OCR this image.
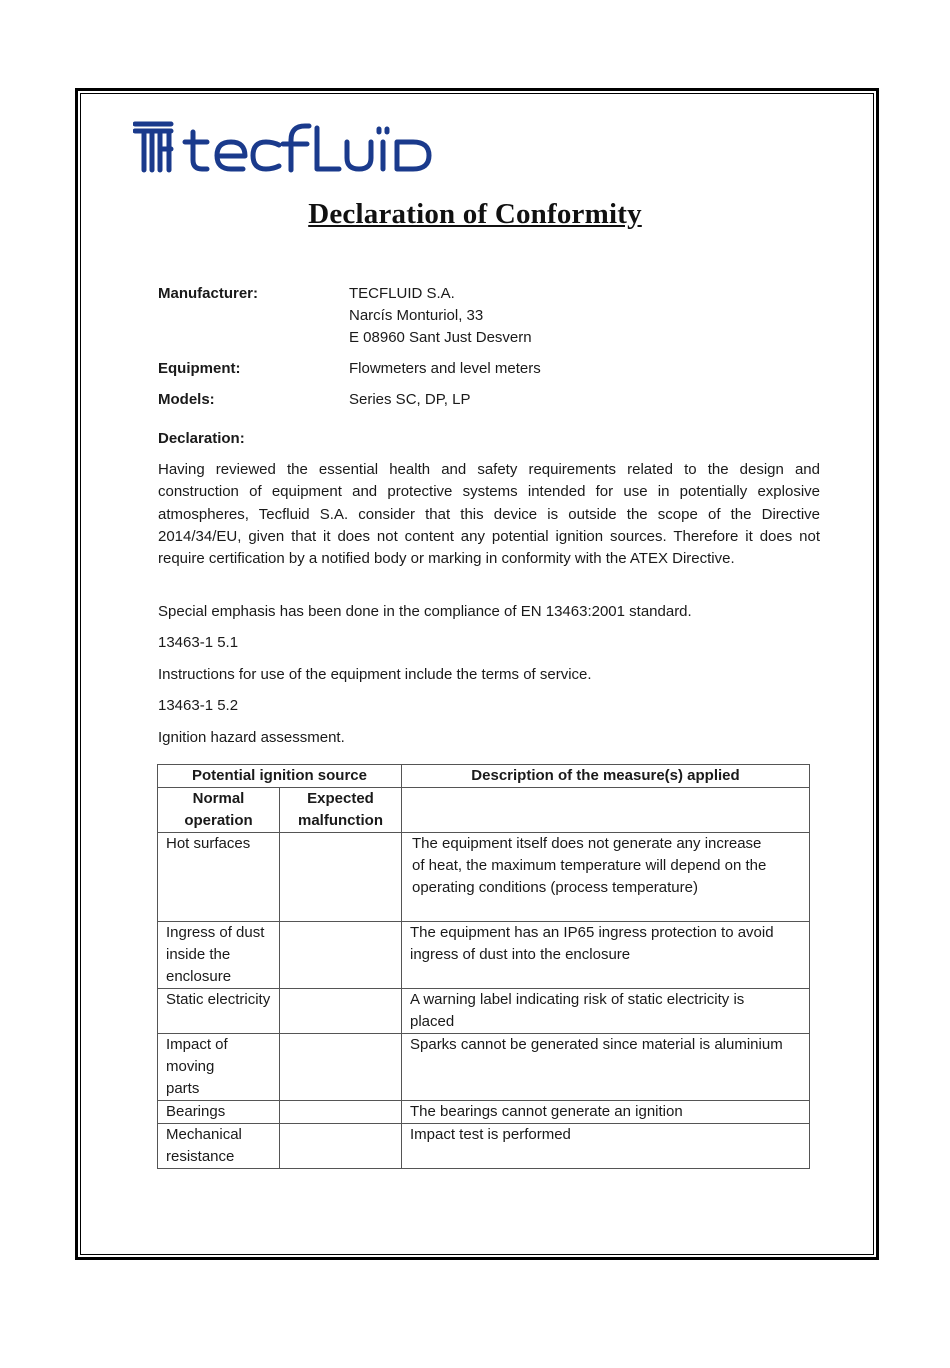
Declaration of Conformity
Manufacturer:	TECFLUID S.A.
Narcís Monturiol, 33
E 08960 Sant Just Desvern
Equipment:	Flowmeters and level meters
Models:	Series SC, DP, LP
Declaration:
Having reviewed the essential health and safety requirements related to the design and construction of equipment and protective systems intended for use in potentially explosive atmospheres, Tecfluid S.A. consider that this device is outside the scope of the Directive 2014/34/EU, given that it does not content any potential ignition sources. Therefore it does not require certification by a notified body or marking in conformity with the ATEX Directive.
Special emphasis has been done in the compliance of EN 13463:2001 standard.
13463-1 5.1
Instructions for use of the equipment include the terms of service.
13463-1 5.2
Ignition hazard assessment.
Potential ignition source		Description of the measure(s) applied
Normal operation	Expected malfunction	
Hot surfaces		The equipment itself does not generate any increase of heat, the maximum temperature will depend on the operating conditions (process temperature)
Ingress of dust inside the enclosure		The equipment has an IP65 ingress protection to avoid ingress of dust into the enclosure
Static electricity		A warning label indicating risk of static electricity is placed
Impact of moving parts		Sparks cannot be generated since material is aluminium
Bearings		The bearings cannot generate an ignition
Mechanical resistance		Impact test is performed
